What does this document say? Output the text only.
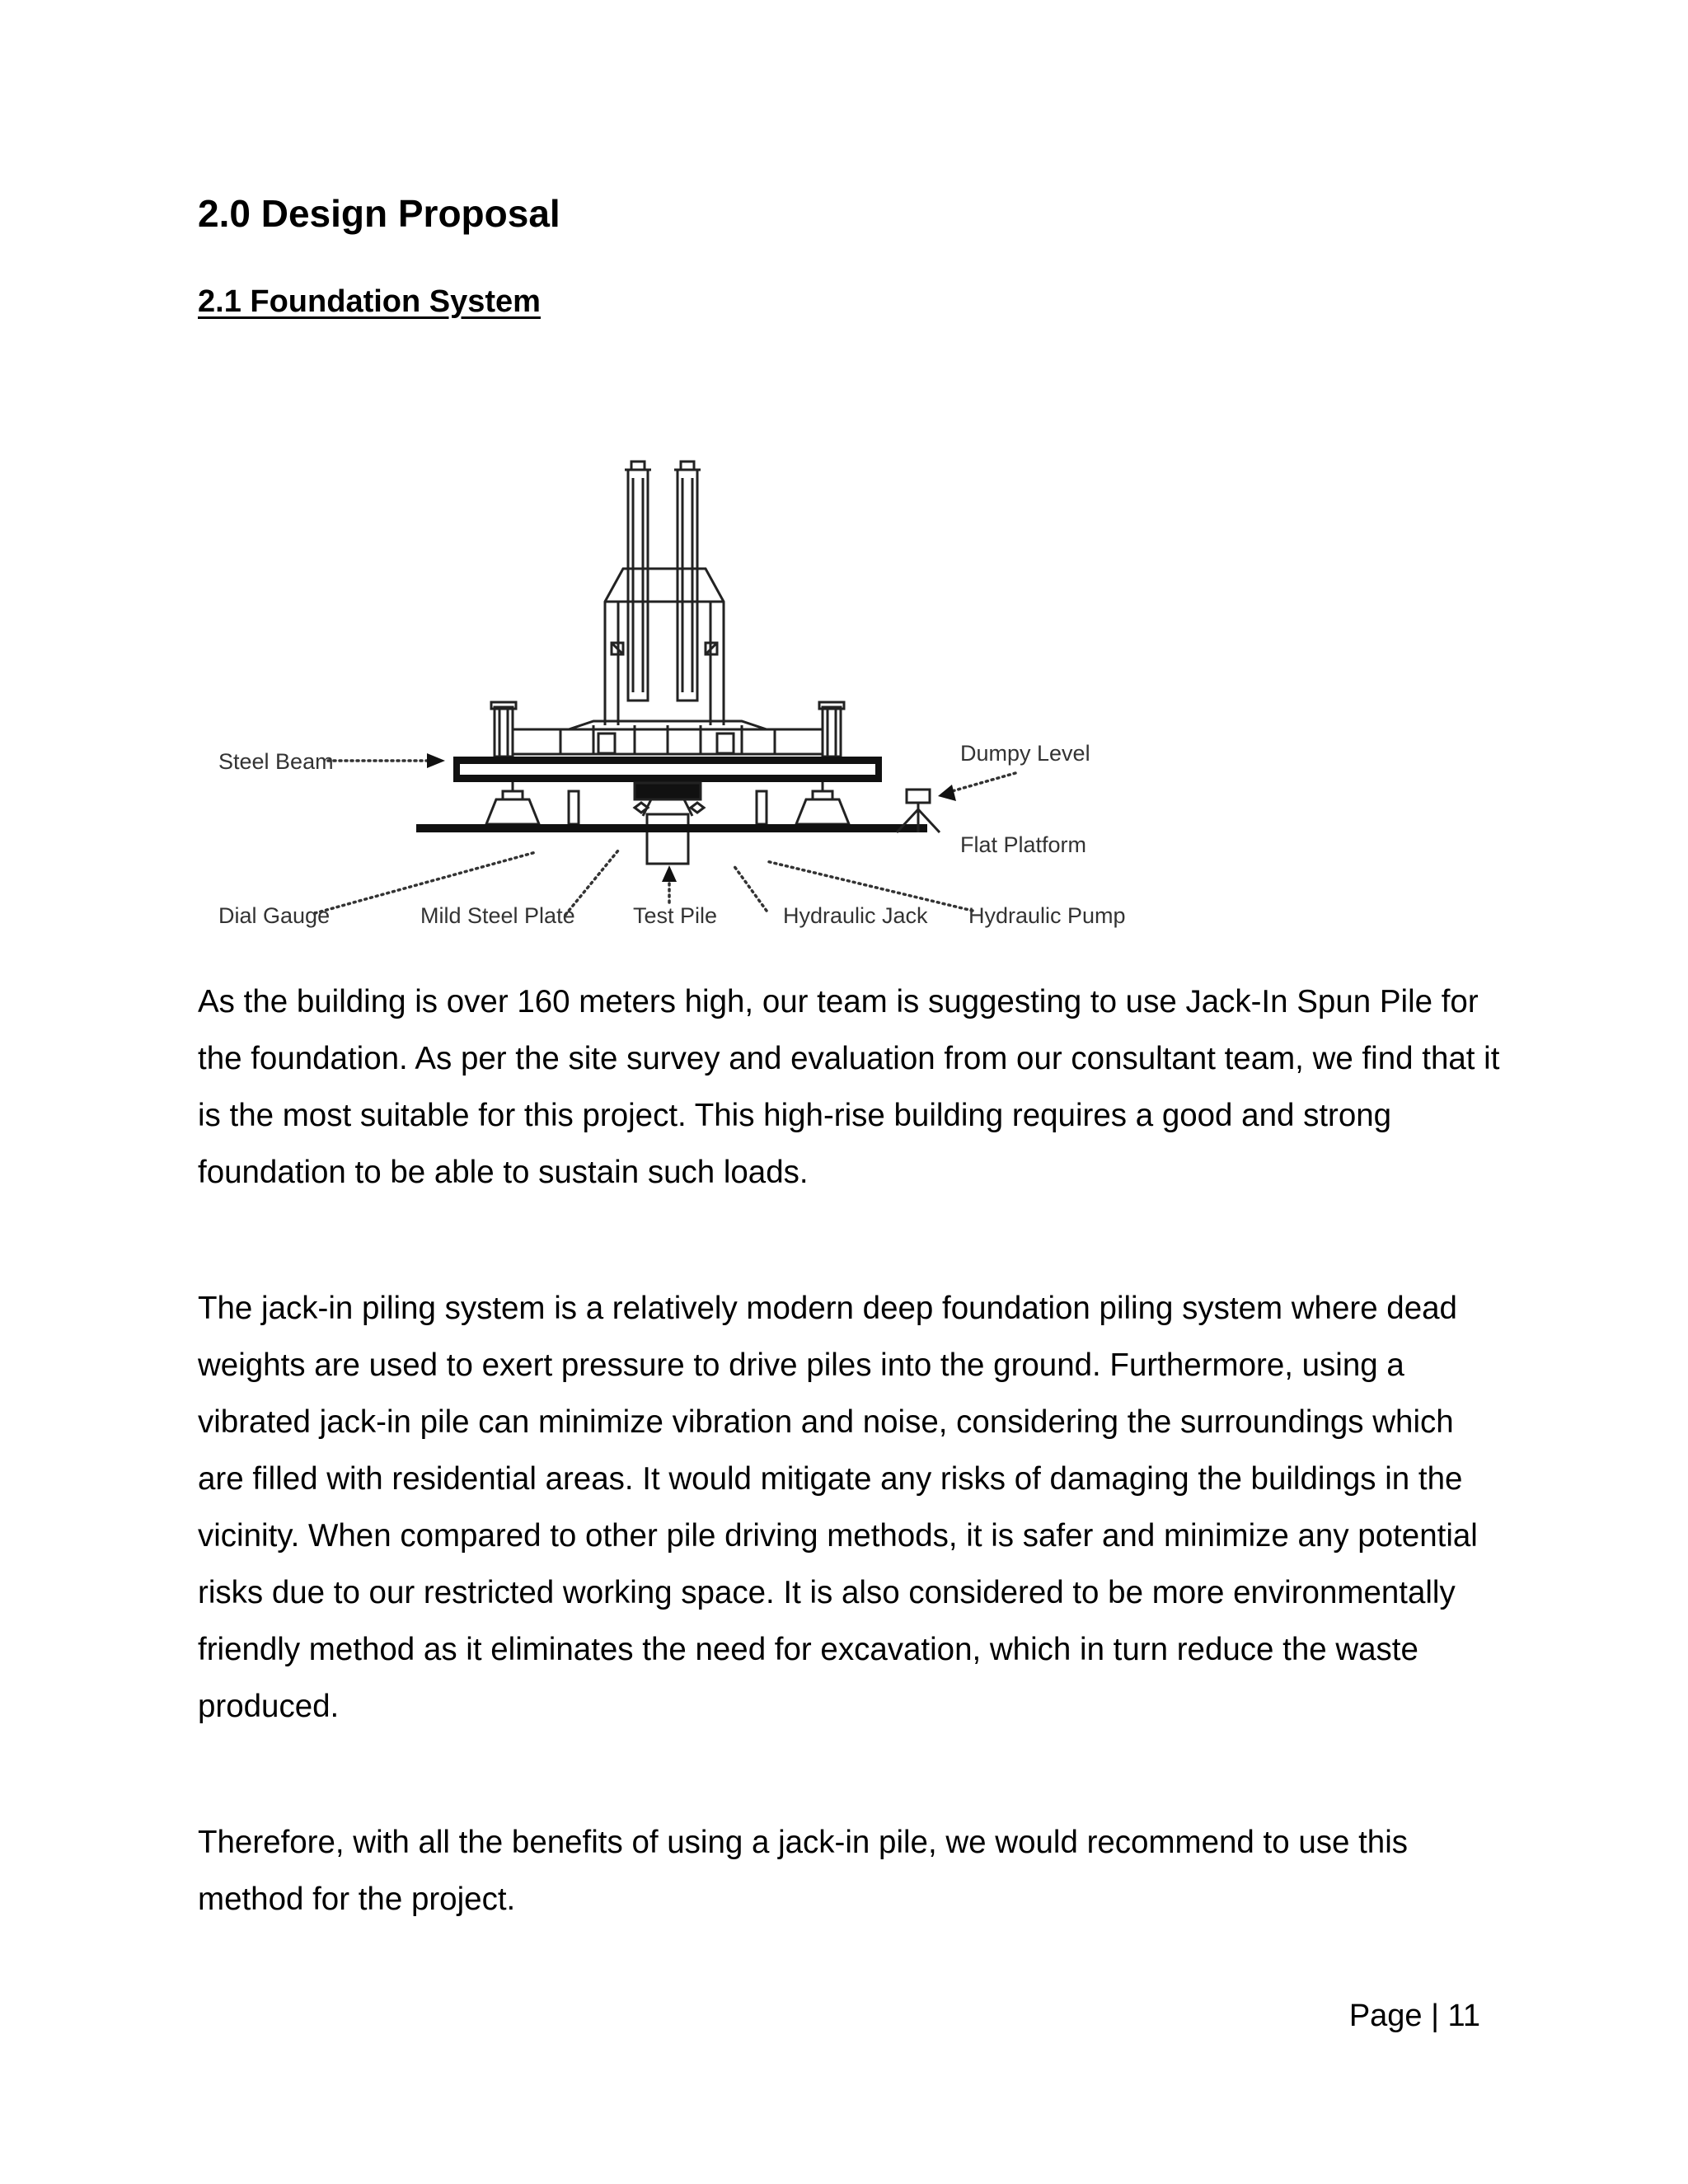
2.0 Design Proposal
2.1 Foundation System
Steel Beam	Dumpy Level
Flat Platform
Dial Gauge	Mild Steel Plate	Test Pile	Hydraulic Jack Hydraulic Pump

As the building is over 160 meters high, our team is suggesting to use Jack-In Spun Pile for the foundation. As per the site survey and evaluation from our consultant team, we find that it is the most suitable for this project. This high-rise building requires a good and strong foundation to be able to sustain such loads.

The jack-in piling system is a relatively modern deep foundation piling system where dead weights are used to exert pressure to drive piles into the ground. Furthermore, using a vibrated jack-in pile can minimize vibration and noise, considering the surroundings which are filled with residential areas. It would mitigate any risks of damaging the buildings in the vicinity. When compared to other pile driving methods, it is safer and minimize any potential risks due to our restricted working space. It is also considered to be more environmentally friendly method as it eliminates the need for excavation, which in turn reduce the waste produced.

Therefore, with all the benefits of using a jack-in pile, we would recommend to use this method for the project.

Page | 11
